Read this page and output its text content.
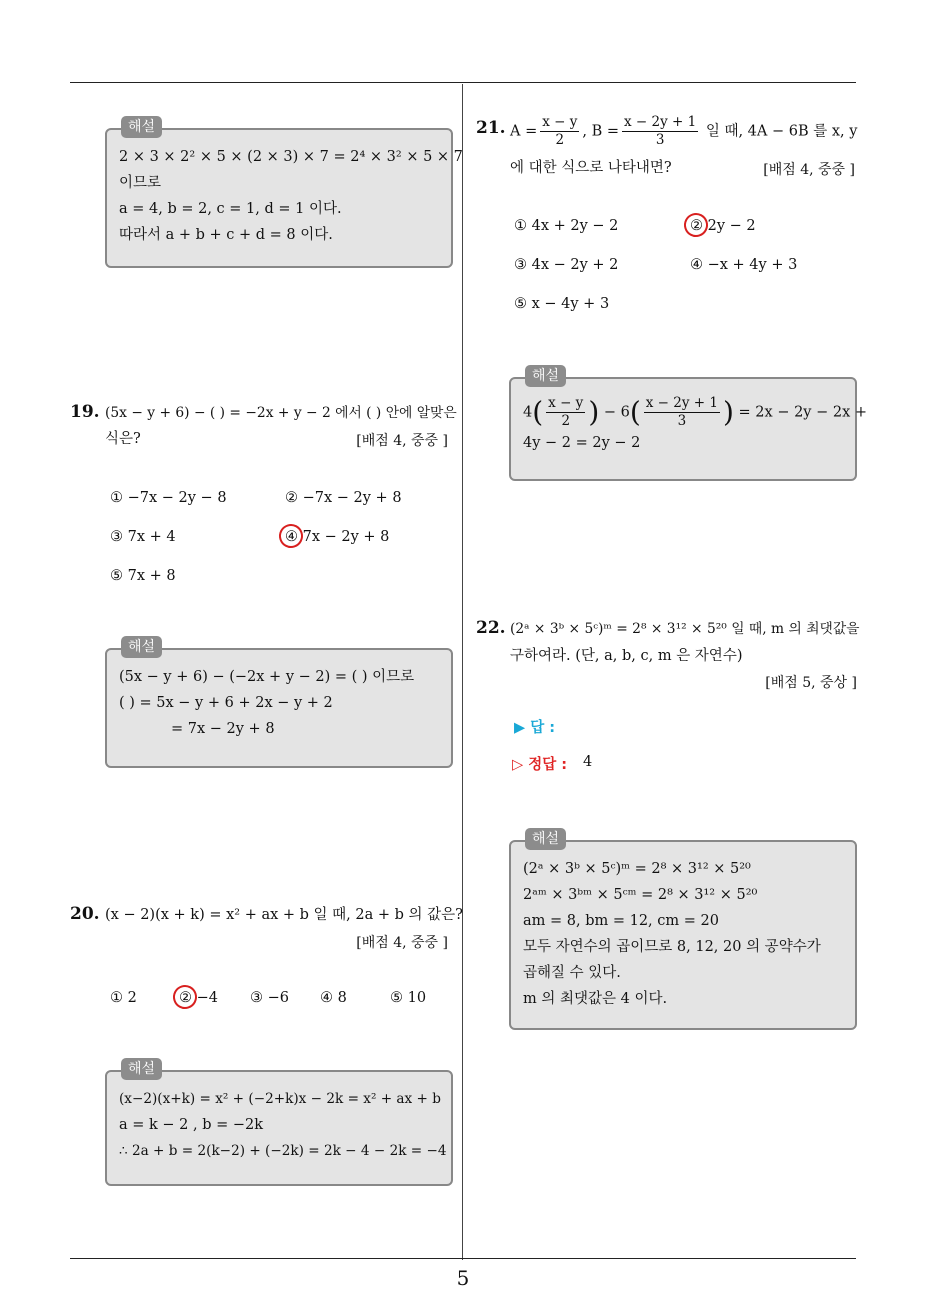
5
해설
2 × 3 × 2² × 5 × (2 × 3) × 7 = 2⁴ × 3² × 5 × 7
이므로
a = 4, b = 2, c = 1, d = 1 이다.
따라서 a + b + c + d = 8 이다.
19. (5x − y + 6) − ( ) = −2x + y − 2 에서 ( ) 안에 알맞은
식은?	[배점 4, 중중 ]
① −7x − 2y − 8	② −7x − 2y + 8
③ 7x + 4	④ 7x − 2y + 8
⑤ 7x + 8
해설
(5x − y + 6) − (−2x + y − 2) = ( ) 이므로
( ) = 5x − y + 6 + 2x − y + 2
= 7x − 2y + 8
20. (x − 2)(x + k) = x² + ax + b 일 때, 2a + b 의 값은?
[배점 4, 중중 ]
① 2	② −4 ③ −6 ④ 8	⑤ 10
해설
(x−2)(x+k) = x² + (−2+k)x − 2k = x² + ax + b
a = k − 2 , b = −2k
∴ 2a + b = 2(k−2) + (−2k) = 2k − 4 − 2k = −4
21. $A = \frac{x - y}{2}$ , $B = \frac{x - 2y + 1}{3}$ 일 때, 4A − 6B 를 x, y
에 대한 식으로 나타내면?	[배점 4, 중중 ]
① 4x + 2y − 2	② 2y − 2
③ 4x − 2y + 2	④ −x + 4y + 3
⑤ x − 4y + 3
해설
$4( \frac{x - y}{2}$ ) − $6( \frac{x - 2y + 1}{3}$ ) = 2x − 2y − 2x +
4y − 2 = 2y − 2
22. (2ᵃ × 3ᵇ × 5ᶜ)ᵐ = 2⁸ × 3¹² × 5²⁰ 일 때, m 의 최댓값을
구하여라. (단, a, b, c, m 은 자연수)
[배점 5, 중상 ]
▶ 답 :
▷ 정답 : 4
해설
(2ᵃ × 3ᵇ × 5ᶜ)ᵐ = 2⁸ × 3¹² × 5²⁰
2ᵃᵐ × 3ᵇᵐ × 5ᶜᵐ = 2⁸ × 3¹² × 5²⁰
am = 8, bm = 12, cm = 20
모두 자연수의 곱이므로 8, 12, 20 의 공약수가
곱해질 수 있다.
m 의 최댓값은 4 이다.
